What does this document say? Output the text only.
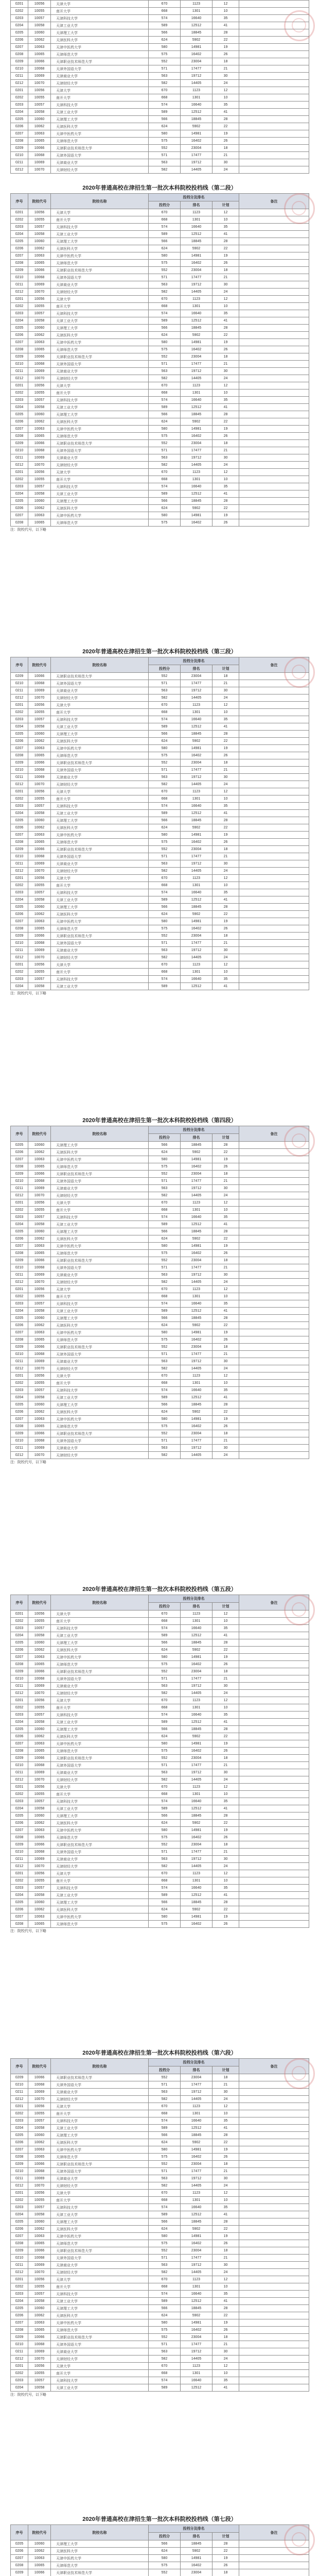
0201	10056	天津大学	670	1123	12	
0202	10055	南开大学	668	1301	10	
0203	10057	天津科技大学	574	16640	35	
0204	10058	天津工业大学	589	12512	41	
0205	10060	天津理工大学	566	18845	28	
0206	10062	天津医科大学	624	5902	22	
0207	10063	天津中医药大学	580	14981	19	
0208	10065	天津师范大学	575	16402	26	
0209	10066	天津职业技术师范大学	552	23004	18	
0210	10068	天津外国语大学	571	17477	21	
0211	10069	天津商业大学	563	19712	30	
0212	10070	天津财经大学	582	14405	24	
0201	10056	天津大学	670	1123	12	
0202	10055	南开大学	668	1301	10	
0203	10057	天津科技大学	574	16640	35	
0204	10058	天津工业大学	589	12512	41	
0205	10060	天津理工大学	566	18845	28	
0206	10062	天津医科大学	624	5902	22	
0207	10063	天津中医药大学	580	14981	19	
0208	10065	天津师范大学	575	16402	26	
0209	10066	天津职业技术师范大学	552	23004	18	
0210	10068	天津外国语大学	571	17477	21	
0211	10069	天津商业大学	563	19712	30	
0212	10070	天津财经大学	582	14405	24	
2020年普通高校在津招生第一批次本科院校投档线（第二段）
序号	院校代号	院校名称	投档分及排名			备注
			投档分	排名	计划	
0201	10056	天津大学	670	1123	12	
0202	10055	南开大学	668	1301	10	
0203	10057	天津科技大学	574	16640	35	
0204	10058	天津工业大学	589	12512	41	
0205	10060	天津理工大学	566	18845	28	
0206	10062	天津医科大学	624	5902	22	
0207	10063	天津中医药大学	580	14981	19	
0208	10065	天津师范大学	575	16402	26	
0209	10066	天津职业技术师范大学	552	23004	18	
0210	10068	天津外国语大学	571	17477	21	
0211	10069	天津商业大学	563	19712	30	
0212	10070	天津财经大学	582	14405	24	
0201	10056	天津大学	670	1123	12	
0202	10055	南开大学	668	1301	10	
0203	10057	天津科技大学	574	16640	35	
0204	10058	天津工业大学	589	12512	41	
0205	10060	天津理工大学	566	18845	28	
0206	10062	天津医科大学	624	5902	22	
0207	10063	天津中医药大学	580	14981	19	
0208	10065	天津师范大学	575	16402	26	
0209	10066	天津职业技术师范大学	552	23004	18	
0210	10068	天津外国语大学	571	17477	21	
0211	10069	天津商业大学	563	19712	30	
0212	10070	天津财经大学	582	14405	24	
0201	10056	天津大学	670	1123	12	
0202	10055	南开大学	668	1301	10	
0203	10057	天津科技大学	574	16640	35	
0204	10058	天津工业大学	589	12512	41	
0205	10060	天津理工大学	566	18845	28	
0206	10062	天津医科大学	624	5902	22	
0207	10063	天津中医药大学	580	14981	19	
0208	10065	天津师范大学	575	16402	26	
0209	10066	天津职业技术师范大学	552	23004	18	
0210	10068	天津外国语大学	571	17477	21	
0211	10069	天津商业大学	563	19712	30	
0212	10070	天津财经大学	582	14405	24	
0201	10056	天津大学	670	1123	12	
0202	10055	南开大学	668	1301	10	
0203	10057	天津科技大学	574	16640	35	
0204	10058	天津工业大学	589	12512	41	
0205	10060	天津理工大学	566	18845	28	
0206	10062	天津医科大学	624	5902	22	
0207	10063	天津中医药大学	580	14981	19	
0208	10065	天津师范大学	575	16402	26	
注：院校代号，以下略
2020年普通高校在津招生第一批次本科院校投档线（第三段）
序号	院校代号	院校名称	投档分及排名			备注
			投档分	排名	计划	
0209	10066	天津职业技术师范大学	552	23004	18	
0210	10068	天津外国语大学	571	17477	21	
0211	10069	天津商业大学	563	19712	30	
0212	10070	天津财经大学	582	14405	24	
0201	10056	天津大学	670	1123	12	
0202	10055	南开大学	668	1301	10	
0203	10057	天津科技大学	574	16640	35	
0204	10058	天津工业大学	589	12512	41	
0205	10060	天津理工大学	566	18845	28	
0206	10062	天津医科大学	624	5902	22	
0207	10063	天津中医药大学	580	14981	19	
0208	10065	天津师范大学	575	16402	26	
0209	10066	天津职业技术师范大学	552	23004	18	
0210	10068	天津外国语大学	571	17477	21	
0211	10069	天津商业大学	563	19712	30	
0212	10070	天津财经大学	582	14405	24	
0201	10056	天津大学	670	1123	12	
0202	10055	南开大学	668	1301	10	
0203	10057	天津科技大学	574	16640	35	
0204	10058	天津工业大学	589	12512	41	
0205	10060	天津理工大学	566	18845	28	
0206	10062	天津医科大学	624	5902	22	
0207	10063	天津中医药大学	580	14981	19	
0208	10065	天津师范大学	575	16402	26	
0209	10066	天津职业技术师范大学	552	23004	18	
0210	10068	天津外国语大学	571	17477	21	
0211	10069	天津商业大学	563	19712	30	
0212	10070	天津财经大学	582	14405	24	
0201	10056	天津大学	670	1123	12	
0202	10055	南开大学	668	1301	10	
0203	10057	天津科技大学	574	16640	35	
0204	10058	天津工业大学	589	12512	41	
0205	10060	天津理工大学	566	18845	28	
0206	10062	天津医科大学	624	5902	22	
0207	10063	天津中医药大学	580	14981	19	
0208	10065	天津师范大学	575	16402	26	
0209	10066	天津职业技术师范大学	552	23004	18	
0210	10068	天津外国语大学	571	17477	21	
0211	10069	天津商业大学	563	19712	30	
0212	10070	天津财经大学	582	14405	24	
0201	10056	天津大学	670	1123	12	
0202	10055	南开大学	668	1301	10	
0203	10057	天津科技大学	574	16640	35	
0204	10058	天津工业大学	589	12512	41	
注：院校代号，以下略
2020年普通高校在津招生第一批次本科院校投档线（第四段）
序号	院校代号	院校名称	投档分及排名			备注
			投档分	排名	计划	
0205	10060	天津理工大学	566	18845	28	
0206	10062	天津医科大学	624	5902	22	
0207	10063	天津中医药大学	580	14981	19	
0208	10065	天津师范大学	575	16402	26	
0209	10066	天津职业技术师范大学	552	23004	18	
0210	10068	天津外国语大学	571	17477	21	
0211	10069	天津商业大学	563	19712	30	
0212	10070	天津财经大学	582	14405	24	
0201	10056	天津大学	670	1123	12	
0202	10055	南开大学	668	1301	10	
0203	10057	天津科技大学	574	16640	35	
0204	10058	天津工业大学	589	12512	41	
0205	10060	天津理工大学	566	18845	28	
0206	10062	天津医科大学	624	5902	22	
0207	10063	天津中医药大学	580	14981	19	
0208	10065	天津师范大学	575	16402	26	
0209	10066	天津职业技术师范大学	552	23004	18	
0210	10068	天津外国语大学	571	17477	21	
0211	10069	天津商业大学	563	19712	30	
0212	10070	天津财经大学	582	14405	24	
0201	10056	天津大学	670	1123	12	
0202	10055	南开大学	668	1301	10	
0203	10057	天津科技大学	574	16640	35	
0204	10058	天津工业大学	589	12512	41	
0205	10060	天津理工大学	566	18845	28	
0206	10062	天津医科大学	624	5902	22	
0207	10063	天津中医药大学	580	14981	19	
0208	10065	天津师范大学	575	16402	26	
0209	10066	天津职业技术师范大学	552	23004	18	
0210	10068	天津外国语大学	571	17477	21	
0211	10069	天津商业大学	563	19712	30	
0212	10070	天津财经大学	582	14405	24	
0201	10056	天津大学	670	1123	12	
0202	10055	南开大学	668	1301	10	
0203	10057	天津科技大学	574	16640	35	
0204	10058	天津工业大学	589	12512	41	
0205	10060	天津理工大学	566	18845	28	
0206	10062	天津医科大学	624	5902	22	
0207	10063	天津中医药大学	580	14981	19	
0208	10065	天津师范大学	575	16402	26	
0209	10066	天津职业技术师范大学	552	23004	18	
0210	10068	天津外国语大学	571	17477	21	
0211	10069	天津商业大学	563	19712	30	
0212	10070	天津财经大学	582	14405	24	
注：院校代号，以下略
2020年普通高校在津招生第一批次本科院校投档线（第五段）
序号	院校代号	院校名称	投档分及排名			备注
			投档分	排名	计划	
0201	10056	天津大学	670	1123	12	
0202	10055	南开大学	668	1301	10	
0203	10057	天津科技大学	574	16640	35	
0204	10058	天津工业大学	589	12512	41	
0205	10060	天津理工大学	566	18845	28	
0206	10062	天津医科大学	624	5902	22	
0207	10063	天津中医药大学	580	14981	19	
0208	10065	天津师范大学	575	16402	26	
0209	10066	天津职业技术师范大学	552	23004	18	
0210	10068	天津外国语大学	571	17477	21	
0211	10069	天津商业大学	563	19712	30	
0212	10070	天津财经大学	582	14405	24	
0201	10056	天津大学	670	1123	12	
0202	10055	南开大学	668	1301	10	
0203	10057	天津科技大学	574	16640	35	
0204	10058	天津工业大学	589	12512	41	
0205	10060	天津理工大学	566	18845	28	
0206	10062	天津医科大学	624	5902	22	
0207	10063	天津中医药大学	580	14981	19	
0208	10065	天津师范大学	575	16402	26	
0209	10066	天津职业技术师范大学	552	23004	18	
0210	10068	天津外国语大学	571	17477	21	
0211	10069	天津商业大学	563	19712	30	
0212	10070	天津财经大学	582	14405	24	
0201	10056	天津大学	670	1123	12	
0202	10055	南开大学	668	1301	10	
0203	10057	天津科技大学	574	16640	35	
0204	10058	天津工业大学	589	12512	41	
0205	10060	天津理工大学	566	18845	28	
0206	10062	天津医科大学	624	5902	22	
0207	10063	天津中医药大学	580	14981	19	
0208	10065	天津师范大学	575	16402	26	
0209	10066	天津职业技术师范大学	552	23004	18	
0210	10068	天津外国语大学	571	17477	21	
0211	10069	天津商业大学	563	19712	30	
0212	10070	天津财经大学	582	14405	24	
0201	10056	天津大学	670	1123	12	
0202	10055	南开大学	668	1301	10	
0203	10057	天津科技大学	574	16640	35	
0204	10058	天津工业大学	589	12512	41	
0205	10060	天津理工大学	566	18845	28	
0206	10062	天津医科大学	624	5902	22	
0207	10063	天津中医药大学	580	14981	19	
0208	10065	天津师范大学	575	16402	26	
注：院校代号，以下略
2020年普通高校在津招生第一批次本科院校投档线（第六段）
序号	院校代号	院校名称	投档分及排名			备注
			投档分	排名	计划	
0209	10066	天津职业技术师范大学	552	23004	18	
0210	10068	天津外国语大学	571	17477	21	
0211	10069	天津商业大学	563	19712	30	
0212	10070	天津财经大学	582	14405	24	
0201	10056	天津大学	670	1123	12	
0202	10055	南开大学	668	1301	10	
0203	10057	天津科技大学	574	16640	35	
0204	10058	天津工业大学	589	12512	41	
0205	10060	天津理工大学	566	18845	28	
0206	10062	天津医科大学	624	5902	22	
0207	10063	天津中医药大学	580	14981	19	
0208	10065	天津师范大学	575	16402	26	
0209	10066	天津职业技术师范大学	552	23004	18	
0210	10068	天津外国语大学	571	17477	21	
0211	10069	天津商业大学	563	19712	30	
0212	10070	天津财经大学	582	14405	24	
0201	10056	天津大学	670	1123	12	
0202	10055	南开大学	668	1301	10	
0203	10057	天津科技大学	574	16640	35	
0204	10058	天津工业大学	589	12512	41	
0205	10060	天津理工大学	566	18845	28	
0206	10062	天津医科大学	624	5902	22	
0207	10063	天津中医药大学	580	14981	19	
0208	10065	天津师范大学	575	16402	26	
0209	10066	天津职业技术师范大学	552	23004	18	
0210	10068	天津外国语大学	571	17477	21	
0211	10069	天津商业大学	563	19712	30	
0212	10070	天津财经大学	582	14405	24	
0201	10056	天津大学	670	1123	12	
0202	10055	南开大学	668	1301	10	
0203	10057	天津科技大学	574	16640	35	
0204	10058	天津工业大学	589	12512	41	
0205	10060	天津理工大学	566	18845	28	
0206	10062	天津医科大学	624	5902	22	
0207	10063	天津中医药大学	580	14981	19	
0208	10065	天津师范大学	575	16402	26	
0209	10066	天津职业技术师范大学	552	23004	18	
0210	10068	天津外国语大学	571	17477	21	
0211	10069	天津商业大学	563	19712	30	
0212	10070	天津财经大学	582	14405	24	
0201	10056	天津大学	670	1123	12	
0202	10055	南开大学	668	1301	10	
0203	10057	天津科技大学	574	16640	35	
0204	10058	天津工业大学	589	12512	41	
注：院校代号，以下略
2020年普通高校在津招生第一批次本科院校投档线（第七段）
序号	院校代号	院校名称	投档分及排名			备注
			投档分	排名	计划	
0205	10060	天津理工大学	566	18845	28	
0206	10062	天津医科大学	624	5902	22	
0207	10063	天津中医药大学	580	14981	19	
0208	10065	天津师范大学	575	16402	26	
0209	10066	天津职业技术师范大学	552	23004	18	
